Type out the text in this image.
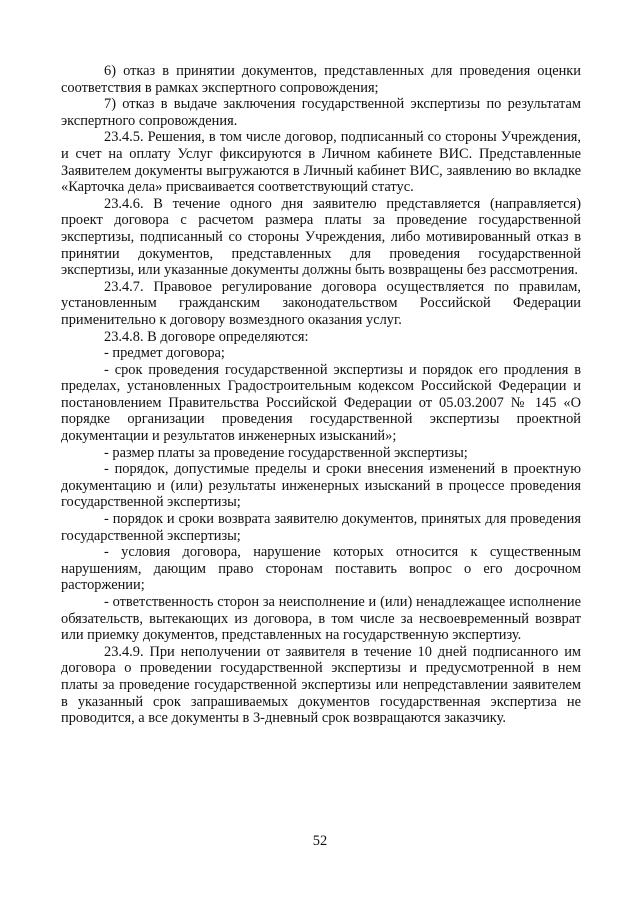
6) отказ в принятии документов, представленных для проведения оценки соответствия в рамках экспертного сопровождения;

7) отказ в выдаче заключения государственной экспертизы по результатам экспертного сопровождения.

23.4.5. Решения, в том числе договор, подписанный со стороны Учреждения, и счет на оплату Услуг фиксируются в Личном кабинете ВИС. Представленные Заявителем документы выгружаются в Личный кабинет ВИС, заявлению во вкладке «Карточка дела» присваивается соответствующий статус.

23.4.6. В течение одного дня заявителю представляется (направляется) проект договора с расчетом размера платы за проведение государственной экспертизы, подписанный со стороны Учреждения, либо мотивированный отказ в принятии документов, представленных для проведения государственной экспертизы, или указанные документы должны быть возвращены без рассмотрения.

23.4.7. Правовое регулирование договора осуществляется по правилам, установленным гражданским законодательством Российской Федерации применительно к договору возмездного оказания услуг.

23.4.8. В договоре определяются:

- предмет договора;

- срок проведения государственной экспертизы и порядок его продления в пределах, установленных Градостроительным кодексом Российской Федерации и постановлением Правительства Российской Федерации от 05.03.2007 № 145 «О порядке организации проведения государственной экспертизы проектной документации и результатов инженерных изысканий»;

- размер платы за проведение государственной экспертизы;

- порядок, допустимые пределы и сроки внесения изменений в проектную документацию и (или) результаты инженерных изысканий в процессе проведения государственной экспертизы;

- порядок и сроки возврата заявителю документов, принятых для проведения государственной экспертизы;

- условия договора, нарушение которых относится к существенным нарушениям, дающим право сторонам поставить вопрос о его досрочном расторжении;

- ответственность сторон за неисполнение и (или) ненадлежащее исполнение обязательств, вытекающих из договора, в том числе за несвоевременный возврат или приемку документов, представленных на государственную экспертизу.

23.4.9. При неполучении от заявителя в течение 10 дней подписанного им договора о проведении государственной экспертизы и предусмотренной в нем платы за проведение государственной экспертизы или непредставлении заявителем в указанный срок запрашиваемых документов государственная экспертиза не проводится, а все документы в 3-дневный срок возвращаются заказчику.

52
